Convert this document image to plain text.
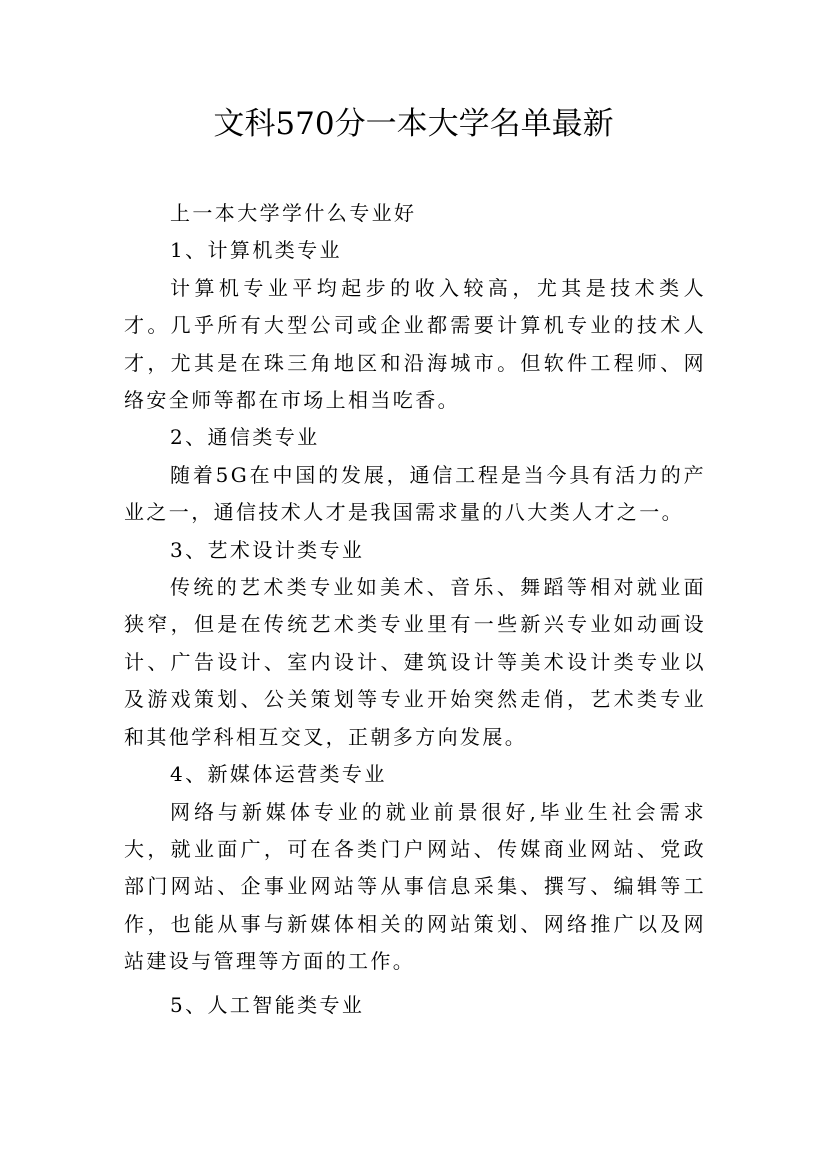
文科570分一本大学名单最新

上一本大学学什么专业好

1、计算机类专业

计算机专业平均起步的收入较高，尤其是技术类人才。几乎所有大型公司或企业都需要计算机专业的技术人才，尤其是在珠三角地区和沿海城市。但软件工程师、网络安全师等都在市场上相当吃香。

2、通信类专业

随着5G在中国的发展，通信工程是当今具有活力的产业之一，通信技术人才是我国需求量的八大类人才之一。

3、艺术设计类专业

传统的艺术类专业如美术、音乐、舞蹈等相对就业面狭窄，但是在传统艺术类专业里有一些新兴专业如动画设计、广告设计、室内设计、建筑设计等美术设计类专业以及游戏策划、公关策划等专业开始突然走俏，艺术类专业和其他学科相互交叉，正朝多方向发展。

4、新媒体运营类专业

网络与新媒体专业的就业前景很好,毕业生社会需求大，就业面广，可在各类门户网站、传媒商业网站、党政部门网站、企事业网站等从事信息采集、撰写、编辑等工作，也能从事与新媒体相关的网站策划、网络推广以及网站建设与管理等方面的工作。

5、人工智能类专业
